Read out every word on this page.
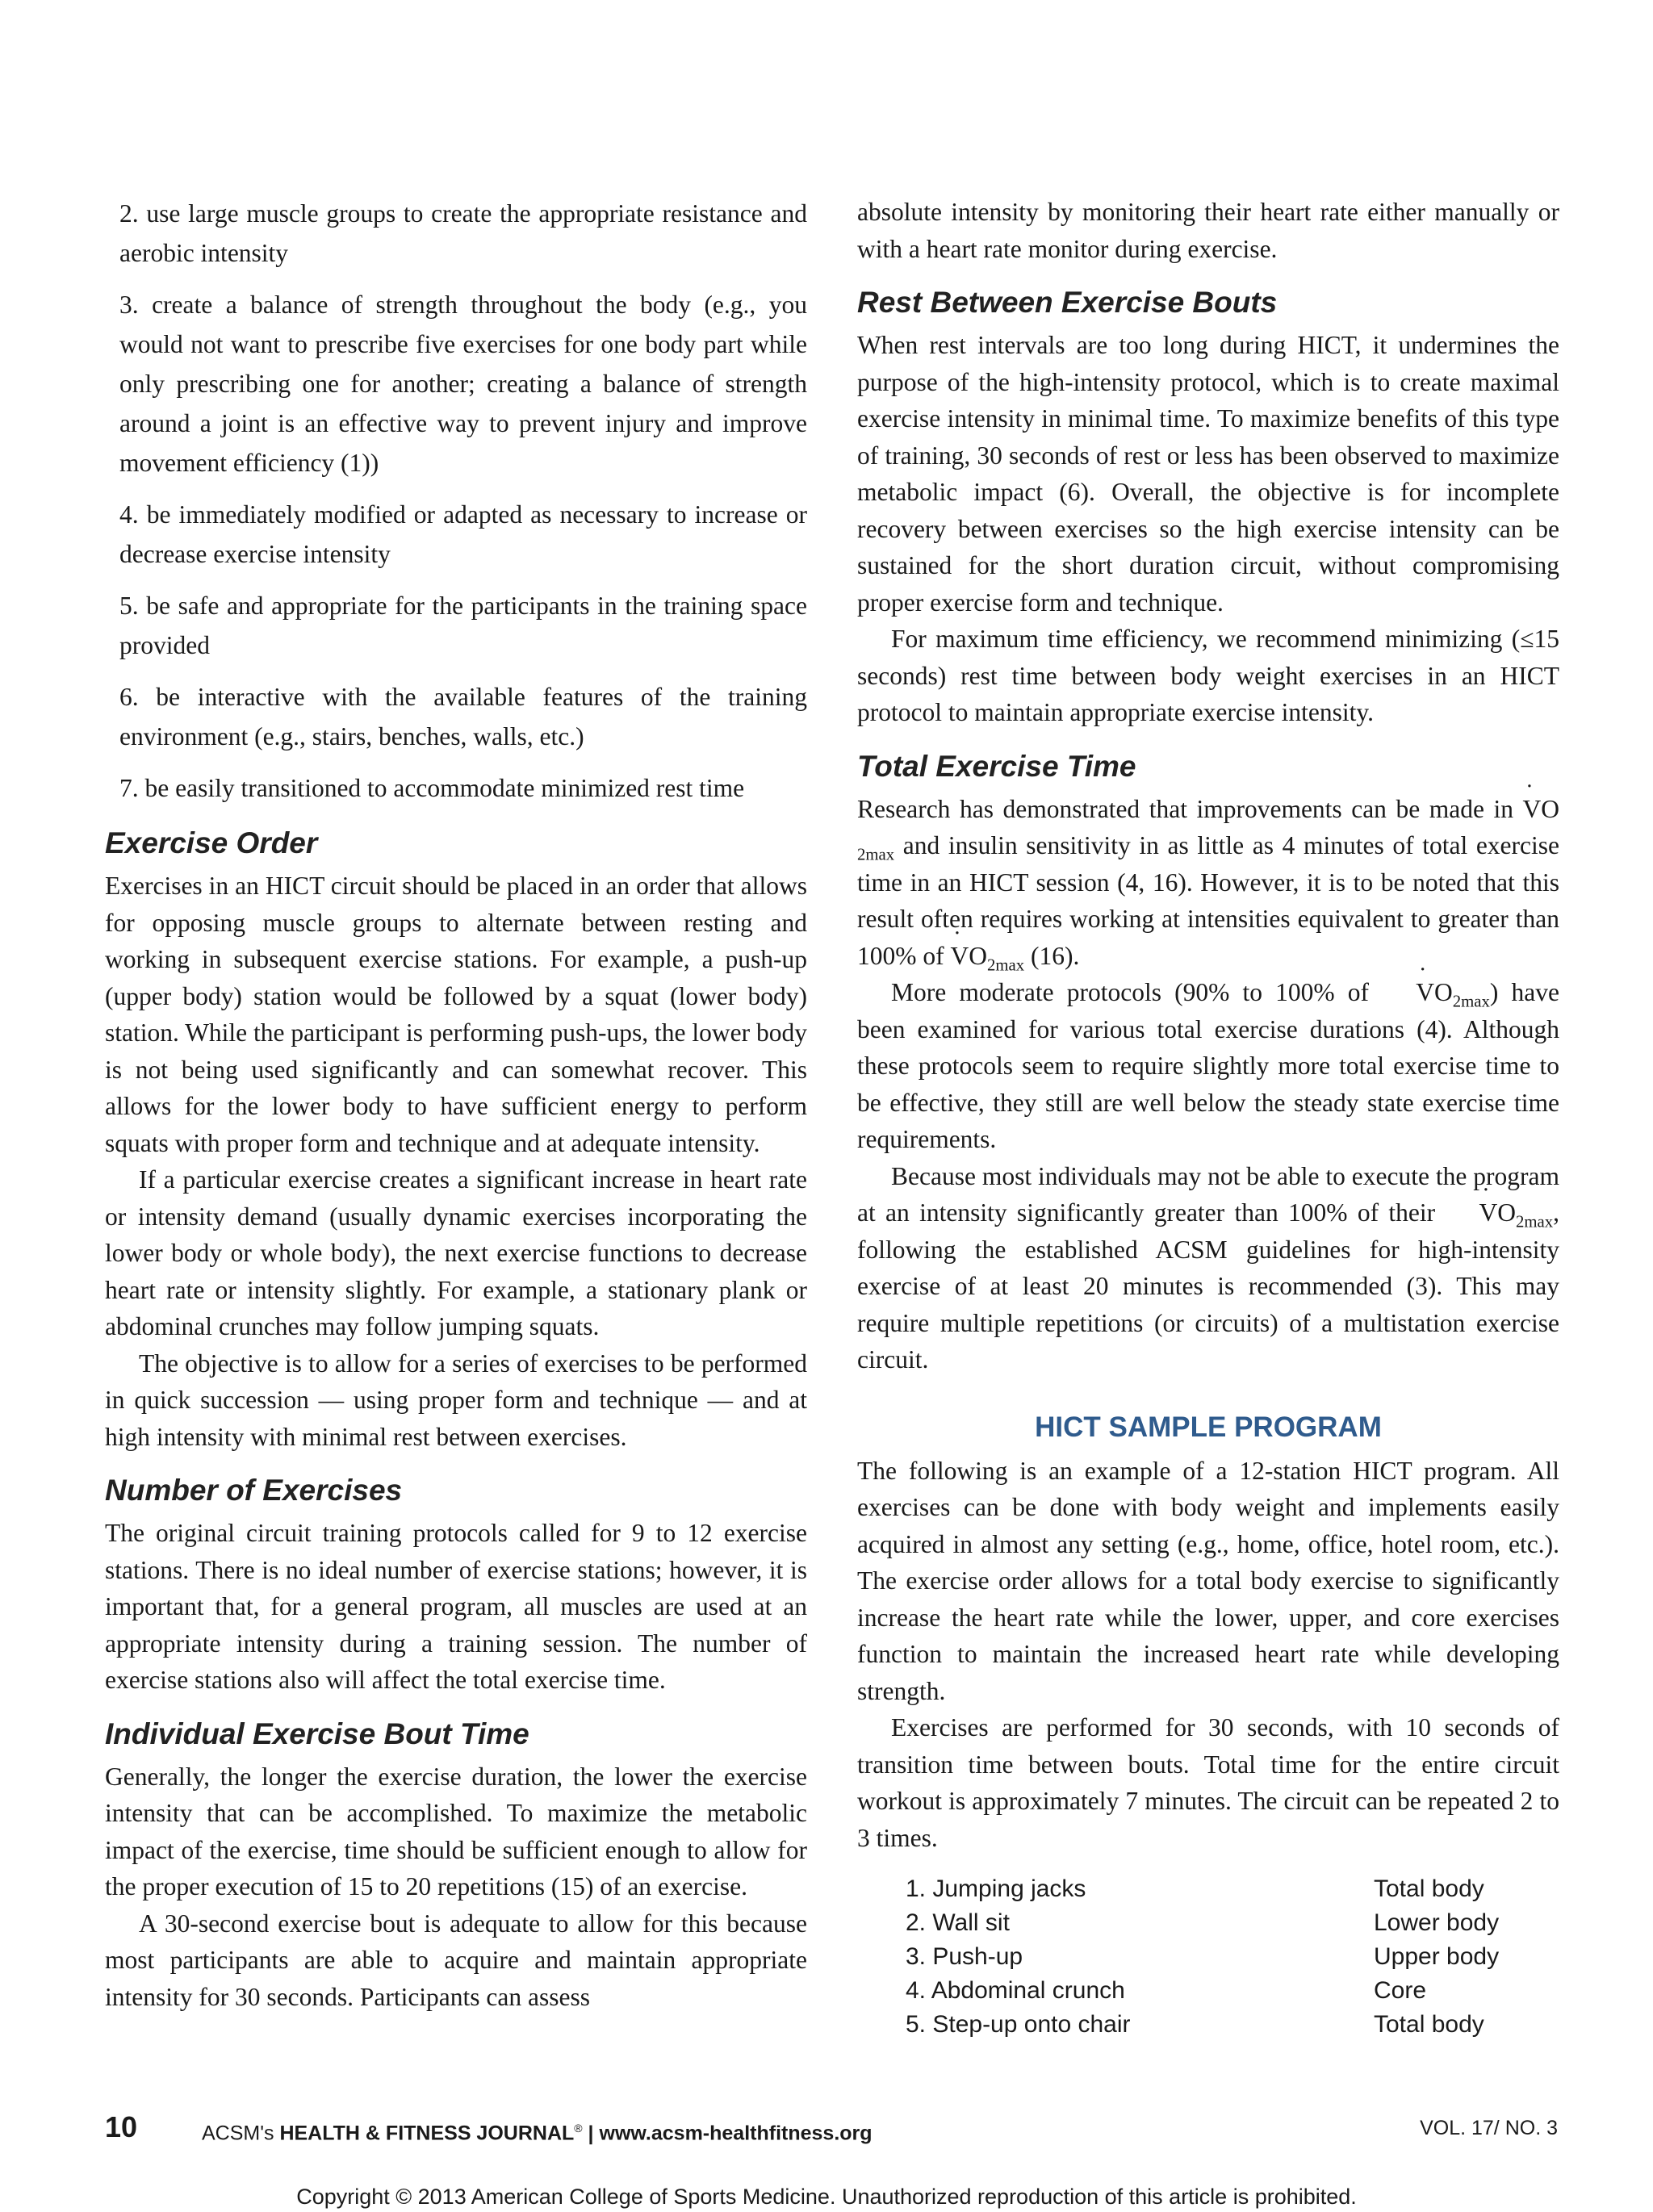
2. use large muscle groups to create the appropriate resistance and aerobic intensity
3. create a balance of strength throughout the body (e.g., you would not want to prescribe five exercises for one body part while only prescribing one for another; creating a balance of strength around a joint is an effective way to prevent injury and improve movement efficiency (1))
4. be immediately modified or adapted as necessary to increase or decrease exercise intensity
5. be safe and appropriate for the participants in the training space provided
6. be interactive with the available features of the training environment (e.g., stairs, benches, walls, etc.)
7. be easily transitioned to accommodate minimized rest time
Exercise Order

Exercises in an HICT circuit should be placed in an order that allows for opposing muscle groups to alternate between resting and working in subsequent exercise stations. For example, a push-up (upper body) station would be followed by a squat (lower body) station. While the participant is performing push-ups, the lower body is not being used significantly and can somewhat recover. This allows for the lower body to have sufficient energy to perform squats with proper form and technique and at adequate intensity.

If a particular exercise creates a significant increase in heart rate or intensity demand (usually dynamic exercises incorporating the lower body or whole body), the next exercise functions to decrease heart rate or intensity slightly. For example, a stationary plank or abdominal crunches may follow jumping squats.

The objective is to allow for a series of exercises to be performed in quick succession — using proper form and technique — and at high intensity with minimal rest between exercises.

Number of Exercises

The original circuit training protocols called for 9 to 12 exercise stations. There is no ideal number of exercise stations; however, it is important that, for a general program, all muscles are used at an appropriate intensity during a training session. The number of exercise stations also will affect the total exercise time.

Individual Exercise Bout Time

Generally, the longer the exercise duration, the lower the exercise intensity that can be accomplished. To maximize the metabolic impact of the exercise, time should be sufficient enough to allow for the proper execution of 15 to 20 repetitions (15) of an exercise.

A 30-second exercise bout is adequate to allow for this because most participants are able to acquire and maintain appropriate intensity for 30 seconds. Participants can assess

absolute intensity by monitoring their heart rate either manually or with a heart rate monitor during exercise.

Rest Between Exercise Bouts

When rest intervals are too long during HICT, it undermines the purpose of the high-intensity protocol, which is to create maximal exercise intensity in minimal time. To maximize benefits of this type of training, 30 seconds of rest or less has been observed to maximize metabolic impact (6). Overall, the objective is for incomplete recovery between exercises so the high exercise intensity can be sustained for the short duration circuit, without compromising proper exercise form and technique.

For maximum time efficiency, we recommend minimizing (≤15 seconds) rest time between body weight exercises in an HICT protocol to maintain appropriate exercise intensity.

Total Exercise Time

Research has demonstrated that improvements can be made in ˙ $VO_{2max}$ and insulin sensitivity in as little as 4 minutes of total exercise time in an HICT session (4, 16). However, it is to be noted that this result often requires working at intensities equivalent to greater than 100% of ˙ $VO_{2max}$ (16).

More moderate protocols (90% to 100% of ˙ $VO_{2max}$) have been examined for various total exercise durations (4). Although these protocols seem to require slightly more total exercise time to be effective, they still are well below the steady state exercise time requirements.

Because most individuals may not be able to execute the program at an intensity significantly greater than 100% of their ˙ $VO_{2max}$, following the established ACSM guidelines for high-intensity exercise of at least 20 minutes is recommended (3). This may require multiple repetitions (or circuits) of a multistation exercise circuit.

HICT SAMPLE PROGRAM

The following is an example of a 12-station HICT program. All exercises can be done with body weight and implements easily acquired in almost any setting (e.g., home, office, hotel room, etc.). The exercise order allows for a total body exercise to significantly increase the heart rate while the lower, upper, and core exercises function to maintain the increased heart rate while developing strength.

Exercises are performed for 30 seconds, with 10 seconds of transition time between bouts. Total time for the entire circuit workout is approximately 7 minutes. The circuit can be repeated 2 to 3 times.

1. Jumping jacks	Total body
2. Wall sit	Lower body
3. Push-up	Upper body
4. Abdominal crunch	Core
5. Step-up onto chair	Total body
10	ACSM's HEALTH & FITNESS JOURNAL® | www.acsm-healthfitness.org	VOL. 17/ NO. 3
Copyright © 2013 American College of Sports Medicine. Unauthorized reproduction of this article is prohibited.
